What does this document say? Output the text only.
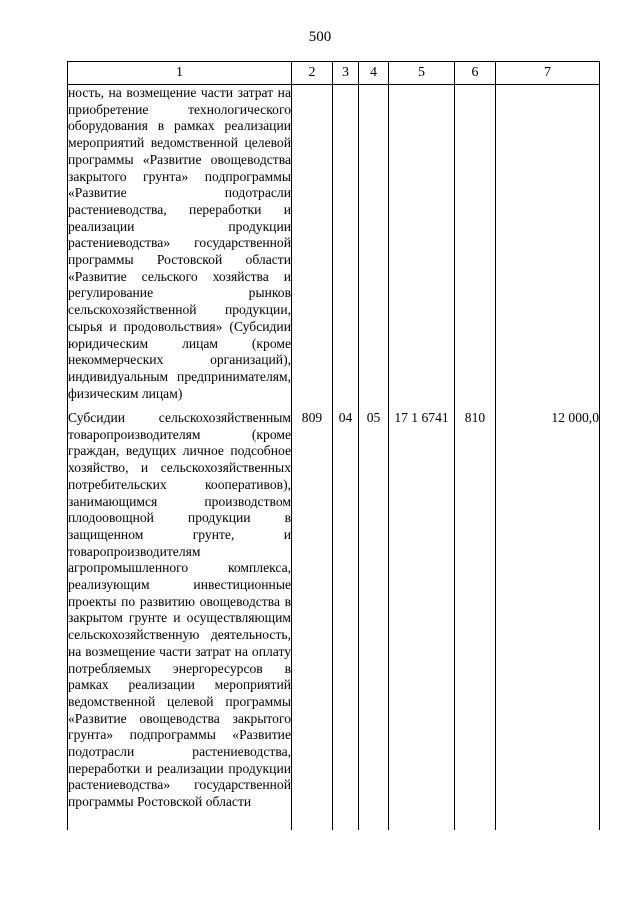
500
1	2	3	4	5	6	7

ность, на возмещение части затрат на приобретение технологического оборудования в рамках реализации мероприятий ведомственной целевой программы «Развитие овощеводства закрытого грунта» подпрограммы «Развитие подотрасли растениеводства, переработки и реализации продукции растениеводства» государственной программы Ростовской области «Развитие сельского хозяйства и регулирование рынков сельскохозяйственной продукции, сырья и продовольствия» (Субсидии юридическим лицам (кроме некоммерческих организаций), индивидуальным предпринимателям, физическим лицам)						

Субсидии сельскохозяйственным товаропроизводителям (кроме граждан, ведущих личное подсобное хозяйство, и сельскохозяйственных потребительских кооперативов), занимающимся производством плодоовощной продукции в защищенном грунте, и товаропроизводителям агропромышленного комплекса, реализующим инвестиционные проекты по развитию овощеводства в закрытом грунте и осуществляющим сельскохозяйственную деятельность, на возмещение части затрат на оплату потребляемых энергоресурсов в рамках реализации мероприятий ведомственной целевой программы «Развитие овощеводства закрытого грунта» подпрограммы «Развитие подотрасли растениеводства, переработки и реализации продукции растениеводства» государственной программы Ростовской области	809	04	05	17 1 6741	810	12 000,0
